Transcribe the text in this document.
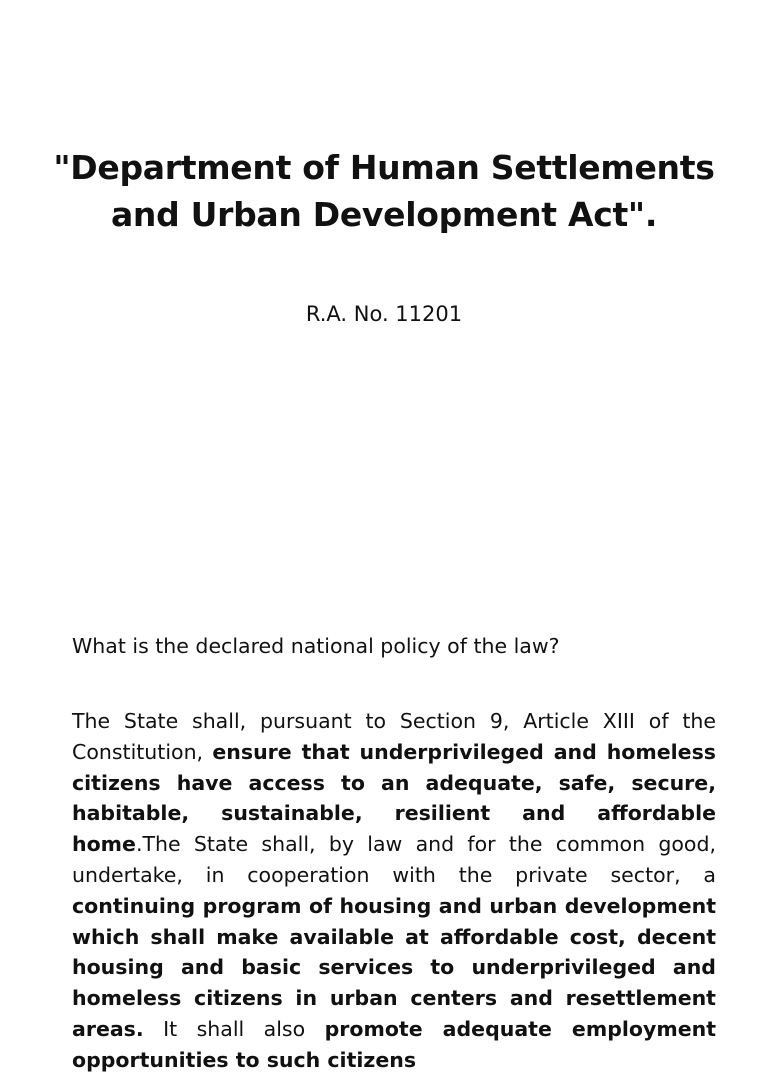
"Department of Human Settlements and Urban Development Act".
R.A. No. 11201
What is the declared national policy of the law?

The State shall, pursuant to Section 9, Article XIII of the Constitution, ensure that underprivileged and homeless citizens have access to an adequate, safe, secure, habitable, sustainable, resilient and affordable home.The State shall, by law and for the common good, undertake, in cooperation with the private sector, a continuing program of housing and urban development which shall make available at affordable cost, decent housing and basic services to underprivileged and homeless citizens in urban centers and resettlement areas. It shall also promote adequate employment opportunities to such citizens
